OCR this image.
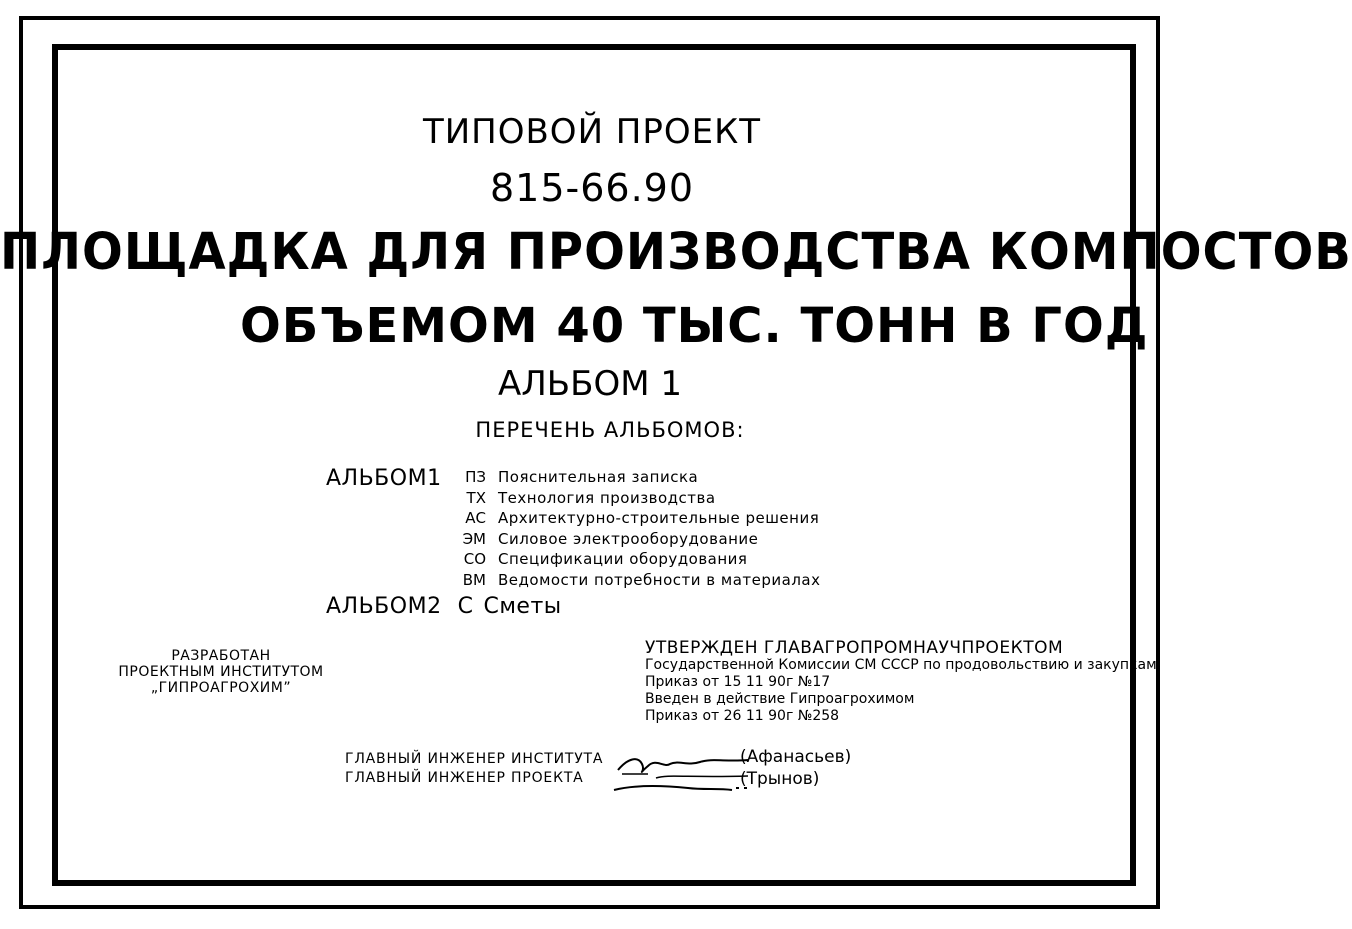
ТИПОВОЙ ПРОЕКТ
815-66.90
ПЛОЩАДКА ДЛЯ ПРОИЗВОДСТВА КОМПОСТОВ
ОБЪЕМОМ 40 ТЫС. ТОНН В ГОД
АЛЬБОМ 1
ПЕРЕЧЕНЬ АЛЬБОМОВ:
АЛЬБОМ1	ПЗ Пояснительная записка
ТХ Технология производства
АС Архитектурно-строительные решения
ЭМ Силовое электрооборудование
СО Спецификации оборудования
ВМ Ведомости потребности в материалах
АЛЬБОМ2 С Сметы
РАЗРАБОТАН
ПРОЕКТНЫМ ИНСТИТУТОМ
„ГИПРОАГРОХИМ”
УТВЕРЖДЕН ГЛАВАГРОПРОМНАУЧПРОЕКТОМ
Государственной Комиссии СМ СССР по продовольствию и закупкам
Приказ от 15 11 90г №17
Введен в действие Гипроагрохимом
Приказ от 26 11 90г №258
ГЛАВНЫЙ ИНЖЕНЕР ИНСТИТУТА
ГЛАВНЫЙ ИНЖЕНЕР ПРОЕКТА
(Афанасьев)
(Трынов)
